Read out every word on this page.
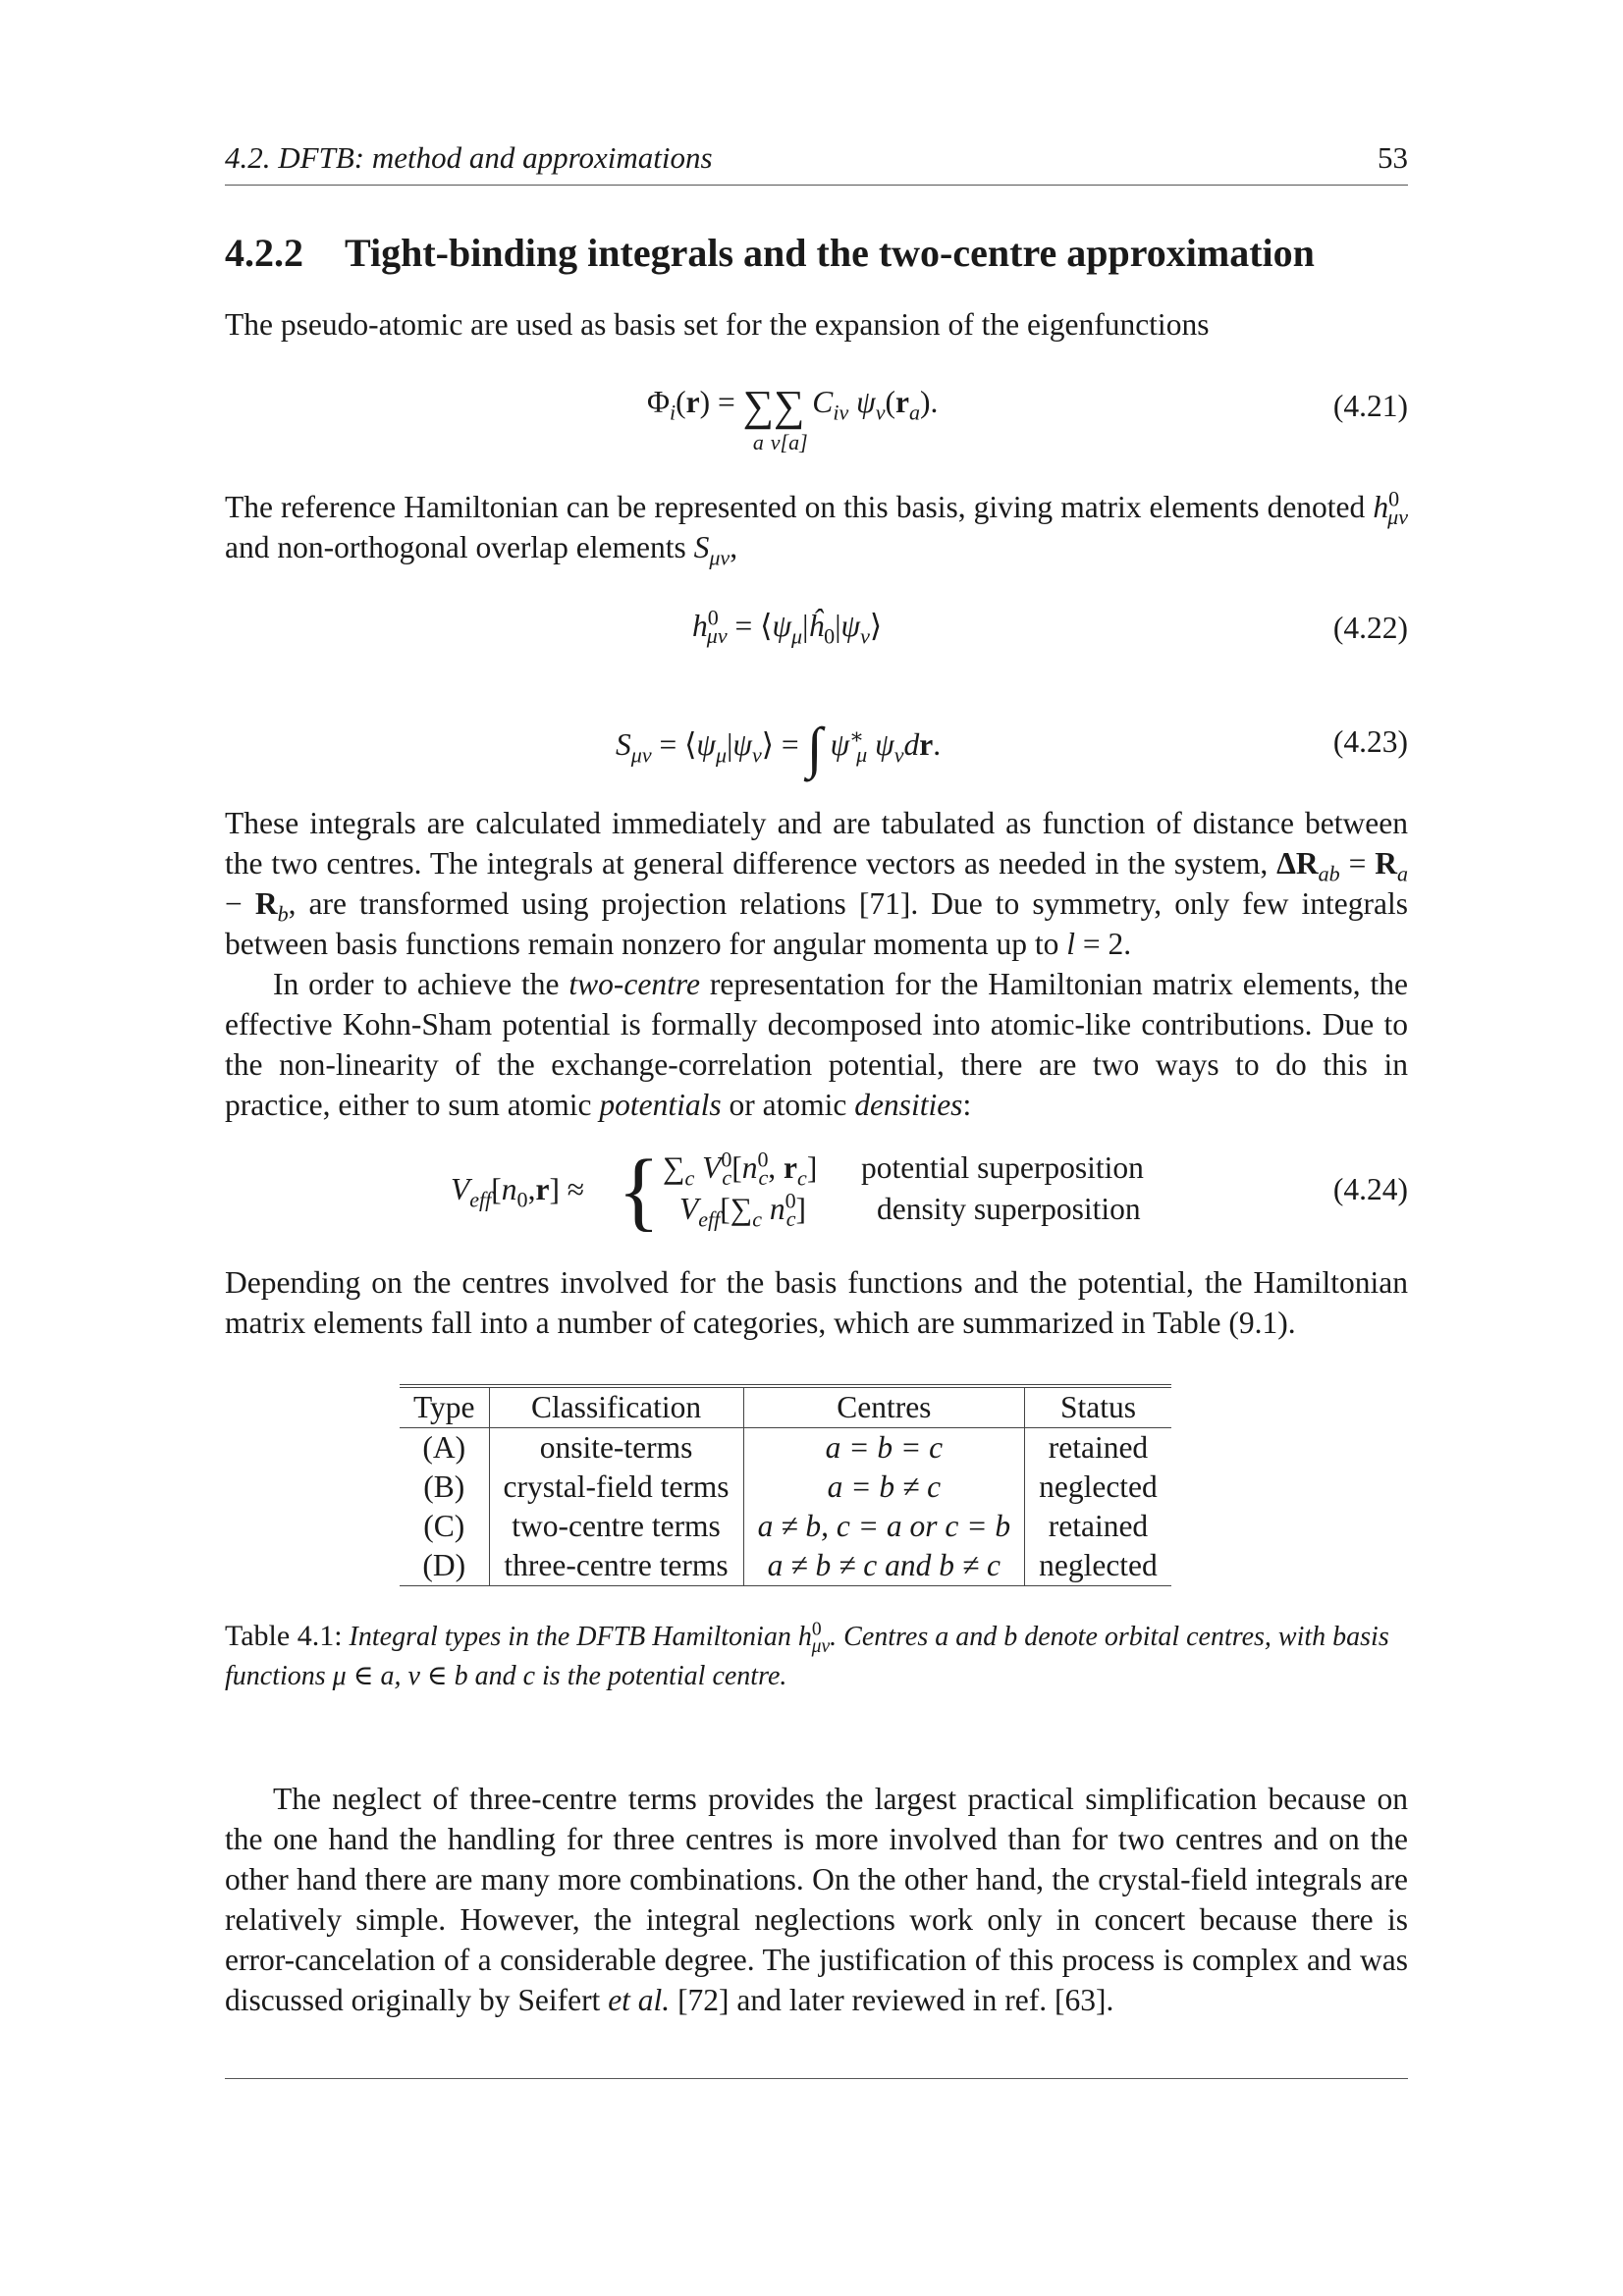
4.2. DFTB: method and approximations	53
4.2.2 Tight-binding integrals and the two-centre approximation
The pseudo-atomic are used as basis set for the expansion of the eigenfunctions
$\Phi_i(r)$ = ∑
a
∑
ν[a]
$C_{i\nu}$ $\psi_\nu(r_a)$.	(4.21)
The reference Hamiltonian can be represented on this basis, giving matrix elements denoted $h^0_{\mu\nu}$ and non-orthogonal overlap elements $S_{\mu\nu}$,
$h^0_{\mu\nu}$ = $⟨\psi_\mu|ĥ_0|\psi_\nu⟩$	(4.22)
$S_{\mu\nu}$ = $⟨\psi_\mu|\psi_\nu⟩$ = ∫ $\psi^∗_\mu$ $\psi_\nu dr$.	(4.23)
These integrals are calculated immediately and are tabulated as function of distance between the two centres. The integrals at general difference vectors as needed in the system, $\Delta R_{ab} = R_a - R_b$, are transformed using projection relations [71]. Due to symmetry, only few integrals between basis functions remain nonzero for angular momenta up to l = 2.
In order to achieve the two-centre representation for the Hamiltonian matrix elements, the effective Kohn-Sham potential is formally decomposed into atomic-like contributions. Due to the non-linearity of the exchange-correlation potential, there are two ways to do this in practice, either to sum atomic potentials or atomic densities:
$V_{eff}[n_0,r]$ ≈ { $\sum_c$ $V^0_c[n^0_c$, $r_c$]
$V_{eff}[\sum_c$ $n^0_c$]
potential superposition
density superposition
(4.24)
Depending on the centres involved for the basis functions and the potential, the Hamiltonian matrix elements fall into a number of categories, which are summarized in Table (9.1).
Type	Classification	Centres	Status
(A)	onsite-terms	a = b = c	retained
(B)	crystal-field terms	a = b ≠ c	neglected
(C)	two-centre terms	a ≠ b, c = a or c = b	retained
(D)	three-centre terms	a ≠ b ≠ c and b ≠ c	neglected
Table 4.1: Integral types in the DFTB Hamiltonian $h^0_{\mu\nu}$. Centres a and b denote orbital centres, with basis functions μ ∈ a, ν ∈ b and c is the potential centre.
The neglect of three-centre terms provides the largest practical simplification because on the one hand the handling for three centres is more involved than for two centres and on the other hand there are many more combinations. On the other hand, the crystal-field integrals are relatively simple. However, the integral neglections work only in concert because there is error-cancelation of a considerable degree. The justification of this process is complex and was discussed originally by Seifert et al. [72] and later reviewed in ref. [63].
